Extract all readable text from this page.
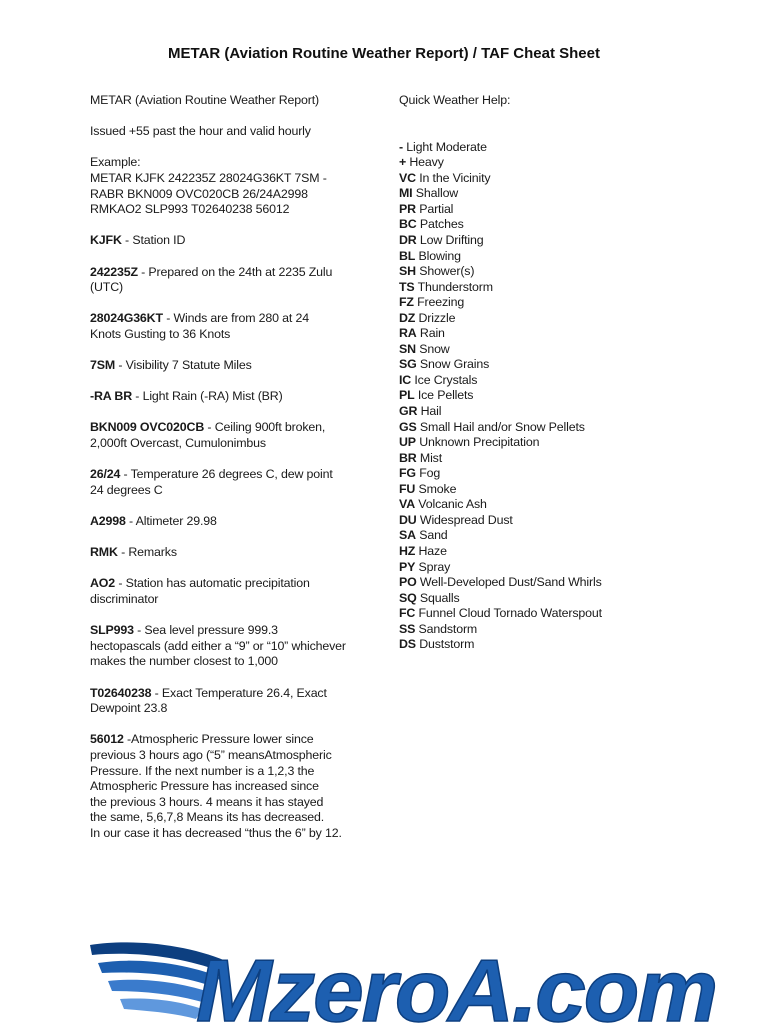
METAR (Aviation Routine Weather Report) / TAF Cheat Sheet

METAR (Aviation Routine Weather Report)

Issued +55 past the hour and valid hourly

Example:

METAR KJFK 242235Z 28024G36KT 7SM -

RABR BKN009 OVC020CB 26/24A2998

RMKAO2 SLP993 T02640238 56012

KJFK - Station ID

242235Z - Prepared on the 24th at 2235 Zulu

(UTC)

28024G36KT - Winds are from 280 at 24

Knots Gusting to 36 Knots

7SM - Visibility 7 Statute Miles

-RA BR - Light Rain (-RA) Mist (BR)

BKN009 OVC020CB - Ceiling 900ft broken,

2,000ft Overcast, Cumulonimbus

26/24 - Temperature 26 degrees C, dew point

24 degrees C

A2998 - Altimeter 29.98

RMK - Remarks

AO2 - Station has automatic precipitation

discriminator

SLP993 - Sea level pressure 999.3

hectopascals (add either a “9” or “10” whichever

makes the number closest to 1,000

T02640238 - Exact Temperature 26.4, Exact

Dewpoint 23.8

56012 -Atmospheric Pressure lower since

previous 3 hours ago (“5” meansAtmospheric

Pressure. If the next number is a 1,2,3 the

Atmospheric Pressure has increased since

the previous 3 hours. 4 means it has stayed

the same, 5,6,7,8 Means its has decreased.

In our case it has decreased “thus the 6” by 12.

Quick Weather Help:

- Light Moderate
+ Heavy
VC In the Vicinity
MI Shallow
PR Partial
BC Patches
DR Low Drifting
BL Blowing
SH Shower(s)
TS Thunderstorm
FZ Freezing
DZ Drizzle
RA Rain
SN Snow
SG Snow Grains
IC Ice Crystals
PL Ice Pellets
GR Hail
GS Small Hail and/or Snow Pellets
UP Unknown Precipitation
BR Mist
FG Fog
FU Smoke
VA Volcanic Ash
DU Widespread Dust
SA Sand
HZ Haze
PY Spray
PO Well-Developed Dust/Sand Whirls
SQ Squalls
FC Funnel Cloud Tornado Waterspout
SS Sandstorm
DS Duststorm
MzeroA.com
